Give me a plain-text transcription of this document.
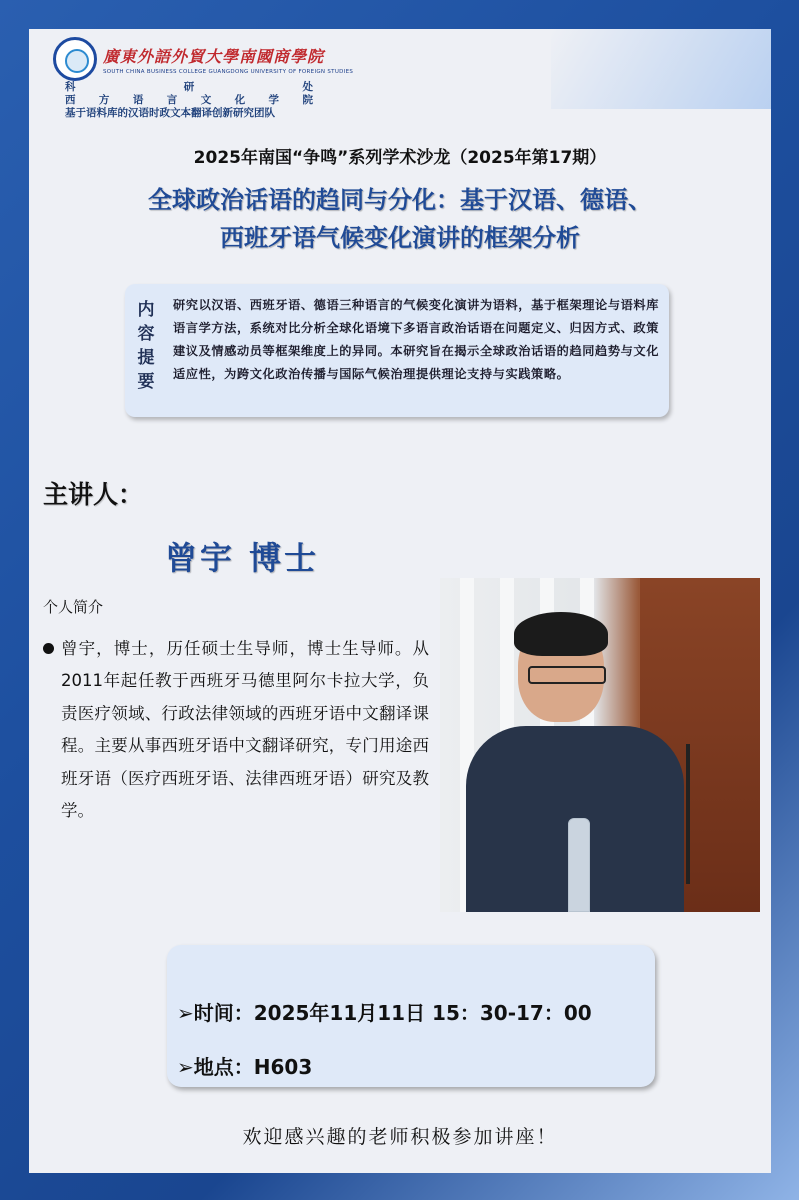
廣東外語外貿大學南國商學院
SOUTH CHINA BUSINESS COLLEGE GUANGDONG UNIVERSITY OF FOREIGN STUDIES
科	研	处
西 方 语 言 文 化 学 院
基于语料库的汉语时政文本翻译创新研究团队
2025年南国“争鸣”系列学术沙龙（2025年第17期）
全球政治话语的趋同与分化：基于汉语、德语、
西班牙语气候变化演讲的框架分析
内容提要
研究以汉语、西班牙语、德语三种语言的气候变化演讲为语料，基于框架理论与语料库语言学方法，系统对比分析全球化语境下多语言政治话语在问题定义、归因方式、政策建议及情感动员等框架维度上的异同。本研究旨在揭示全球政治话语的趋同趋势与文化适应性，为跨文化政治传播与国际气候治理提供理论支持与实践策略。
主讲人：
曾宇 博士
个人简介
曾宇，博士，历任硕士生导师，博士生导师。从2011年起任教于西班牙马德里阿尔卡拉大学，负责医疗领域、行政法律领域的西班牙语中文翻译课程。主要从事西班牙语中文翻译研究，专门用途西班牙语（医疗西班牙语、法律西班牙语）研究及教学。
➢时间：2025年11月11日 15：30-17：00
➢地点：H603
欢迎感兴趣的老师积极参加讲座！
